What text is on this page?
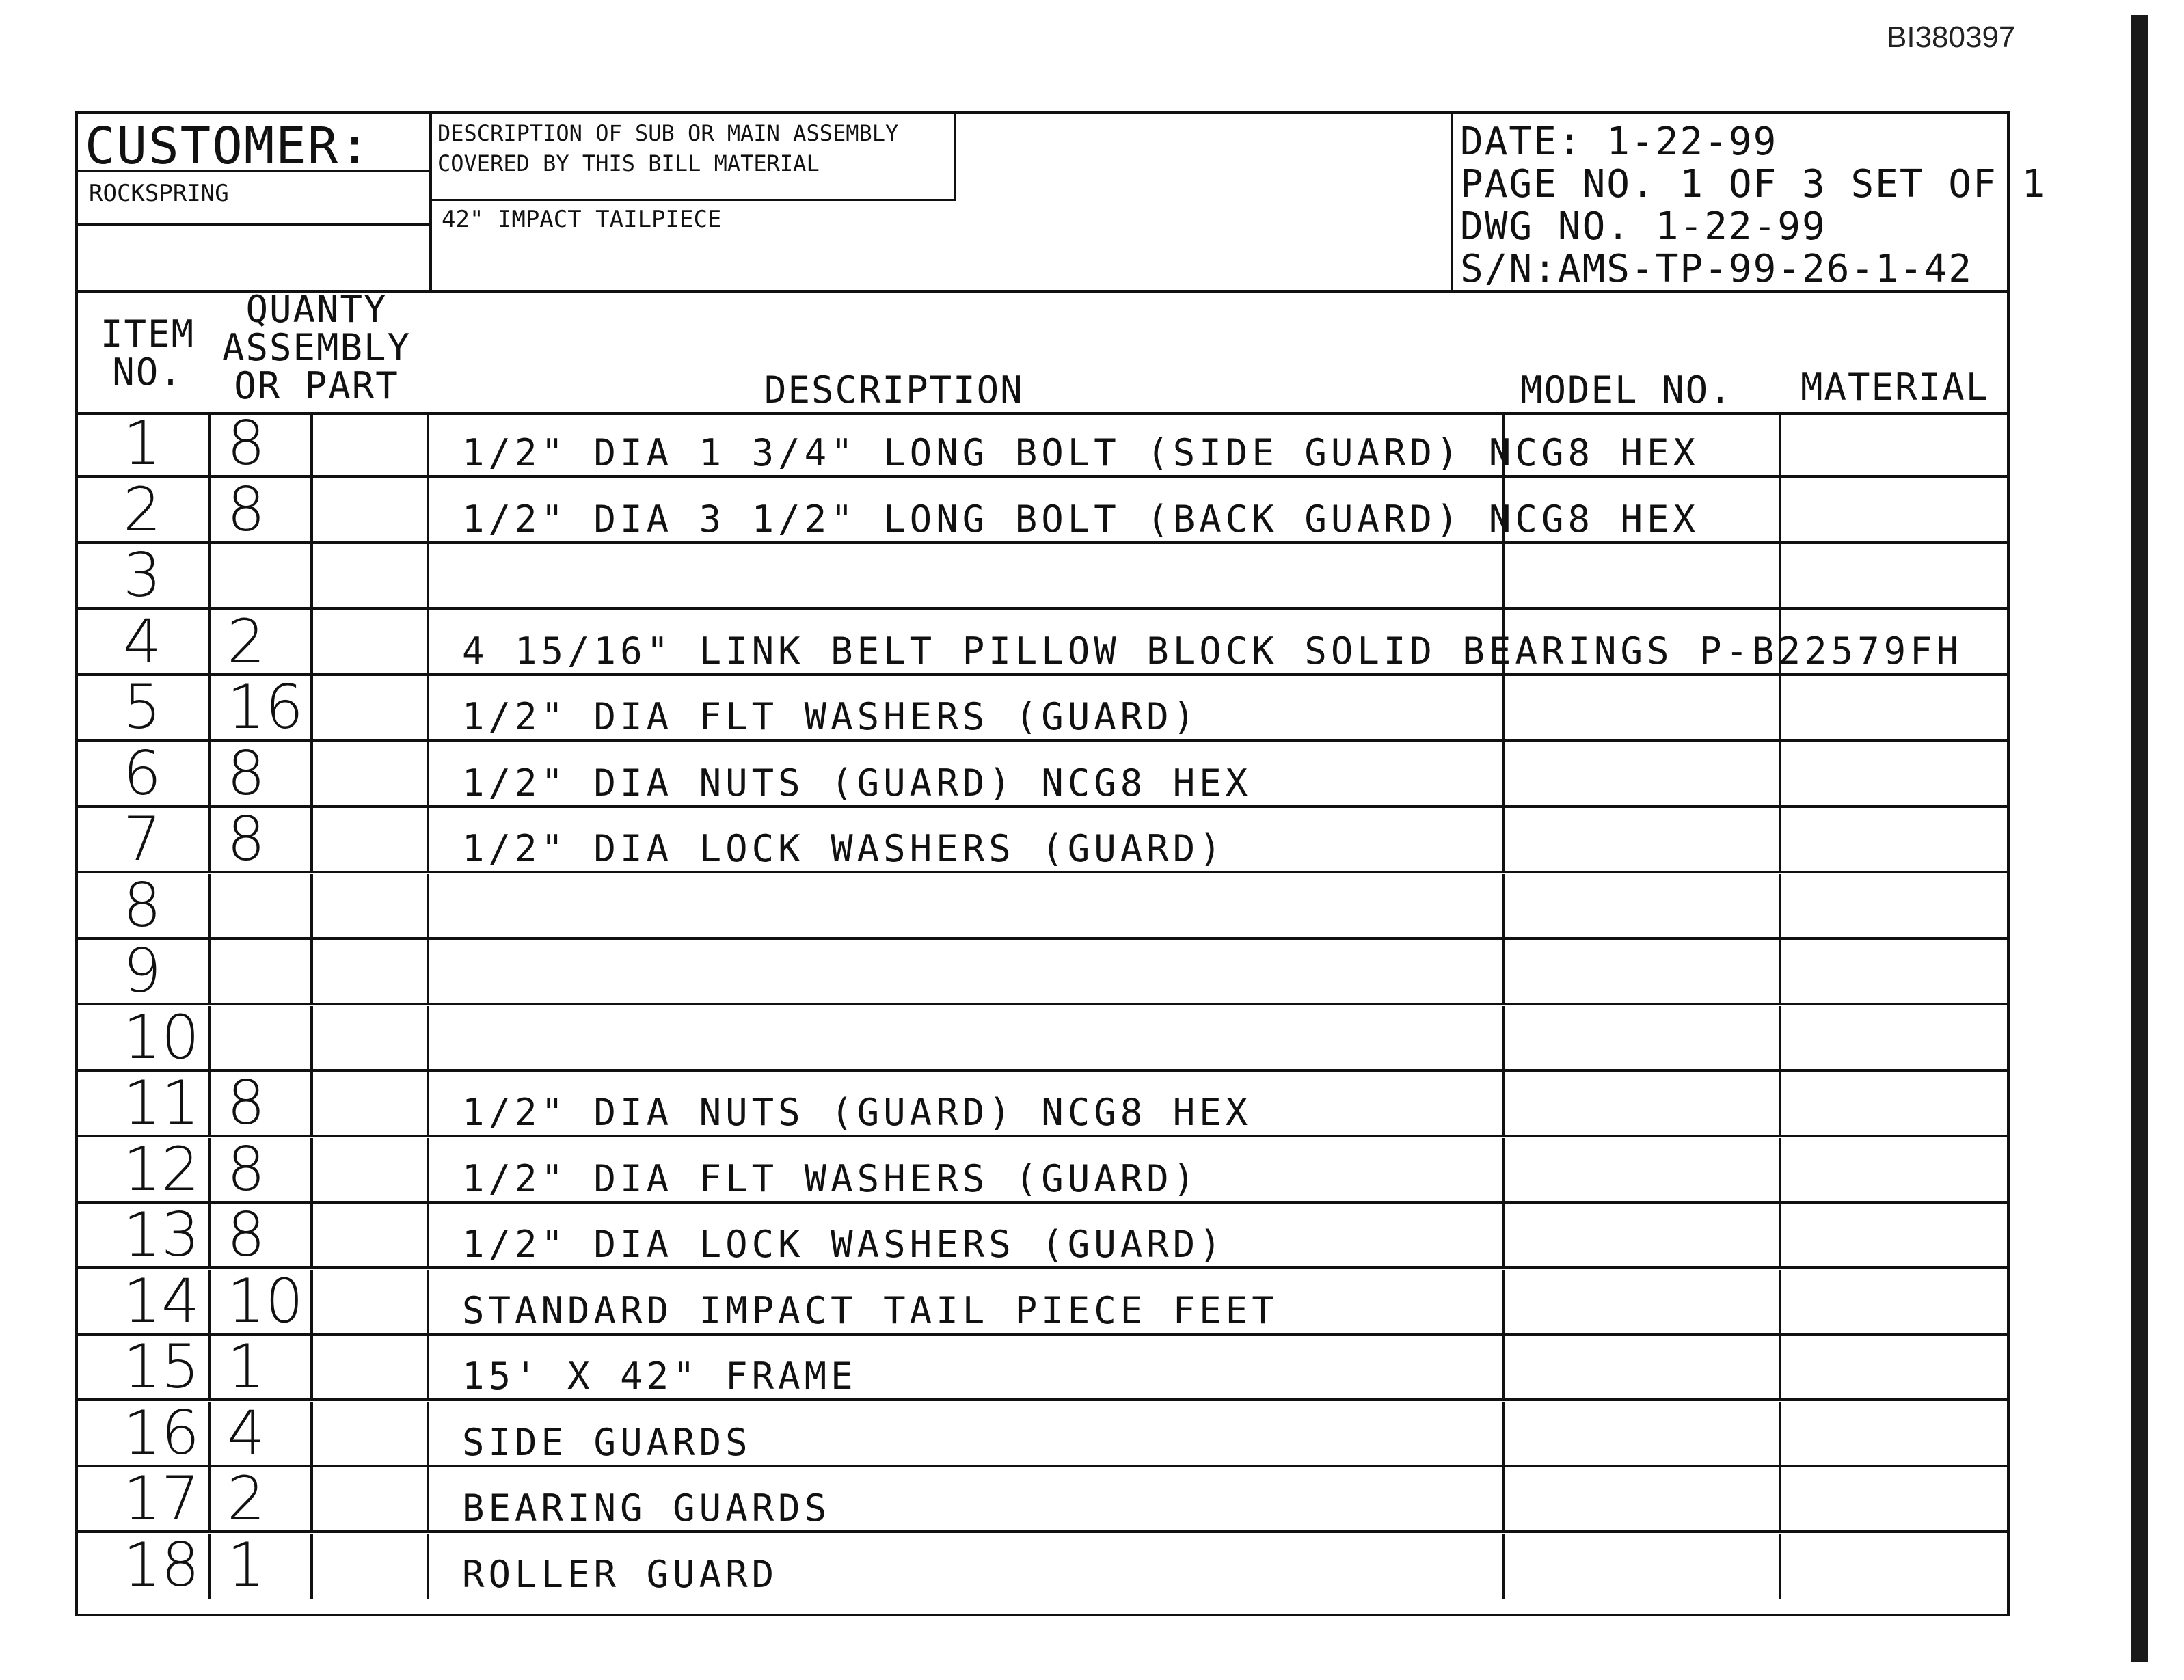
BI380397
CUSTOMER:
ROCKSPRING
DESCRIPTION OF SUB OR MAIN ASSEMBLY
COVERED BY THIS BILL MATERIAL
42" IMPACT TAILPIECE
DATE: 1-22-99
PAGE NO. 1 OF 3 SET OF 1
DWG NO. 1-22-99
S/N:AMS-TP-99-26-1-42
ITEM
NO.
QUANTY
ASSEMBLY
OR PART	DESCRIPTION	MODEL NO. MATERIAL
1 8	1/2" DIA 1 3/4" LONG BOLT (SIDE GUARD) NCG8 HEX
2 8	1/2" DIA 3 1/2" LONG BOLT (BACK GUARD) NCG8 HEX
3
4 2	4 15/16" LINK BELT PILLOW BLOCK SOLID BEARINGS P-B22579FH
5 16	1/2" DIA FLT WASHERS (GUARD)
6 8	1/2" DIA NUTS (GUARD) NCG8 HEX
7 8	1/2" DIA LOCK WASHERS (GUARD)
8
9
10
11 8	1/2" DIA NUTS (GUARD) NCG8 HEX
12 8	1/2" DIA FLT WASHERS (GUARD)
13 8	1/2" DIA LOCK WASHERS (GUARD)
14 10	STANDARD IMPACT TAIL PIECE FEET
15 1	15' X 42" FRAME
16 4	SIDE GUARDS
17 2	BEARING GUARDS
18 1	ROLLER GUARD
